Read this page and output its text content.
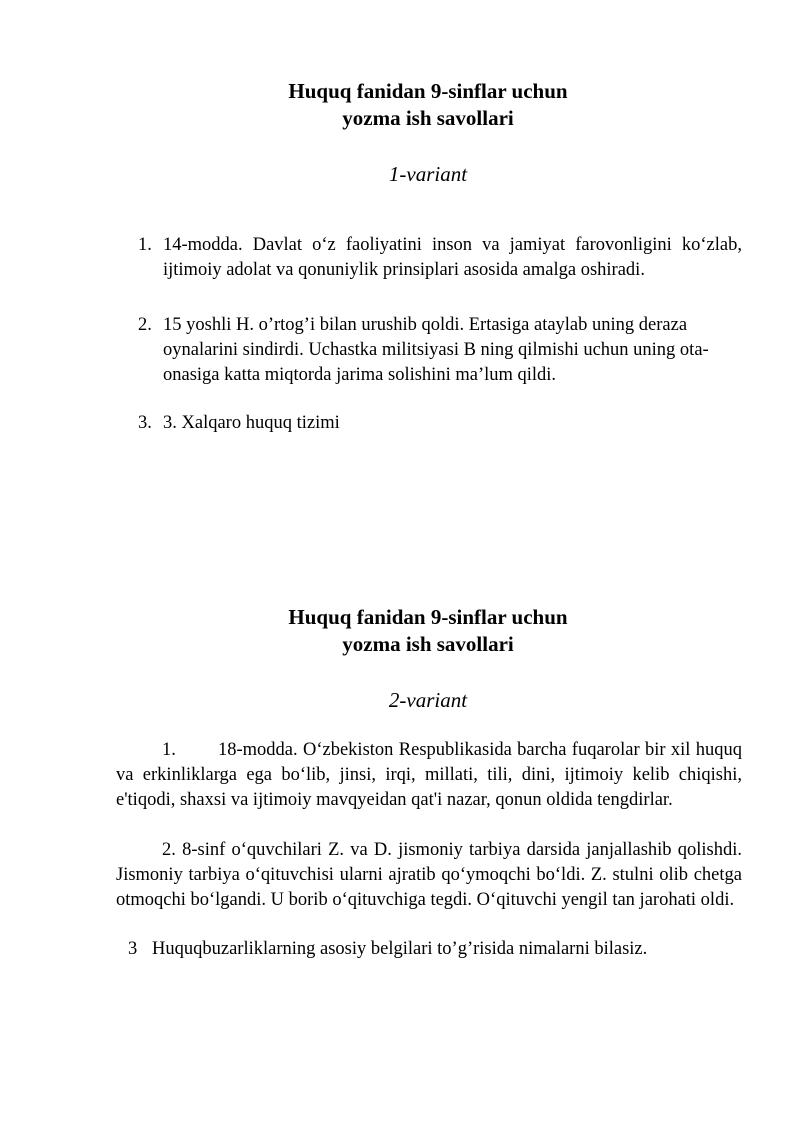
Huquq fanidan 9-sinflar uchun
yozma ish savollari
1-variant
1. 14-modda. Davlat o‘z faoliyatini inson va jamiyat farovonligini ko‘zlab, ijtimoiy adolat va qonuniylik prinsiplari asosida amalga oshiradi.
2. 15 yoshli H. o’rtog’i bilan urushib qoldi. Ertasiga ataylab uning deraza oynalarini sindirdi. Uchastka militsiyasi B ning qilmishi uchun uning ota-onasiga katta miqtorda jarima solishini ma’lum qildi.
3. 3. Xalqaro huquq tizimi
Huquq fanidan 9-sinflar uchun
yozma ish savollari
2-variant
1. 18-modda. O‘zbekiston Respublikasida barcha fuqarolar bir xil huquq va erkinliklarga ega bo‘lib, jinsi, irqi, millati, tili, dini, ijtimoiy kelib chiqishi, e'tiqodi, shaxsi va ijtimoiy mavqyeidan qat'i nazar, qonun oldida tengdirlar.
2. 8-sinf o‘quvchilari Z. va D. jismoniy tarbiya darsida janjallashib qolishdi. Jismoniy tarbiya o‘qituvchisi ularni ajratib qo‘ymoqchi bo‘ldi. Z. stulni olib chetga otmoqchi bo‘lgandi. U borib o‘qituvchiga tegdi. O‘qituvchi yengil tan jarohati oldi.
3 Huquqbuzarliklarning asosiy belgilari to’g’risida nimalarni bilasiz.
